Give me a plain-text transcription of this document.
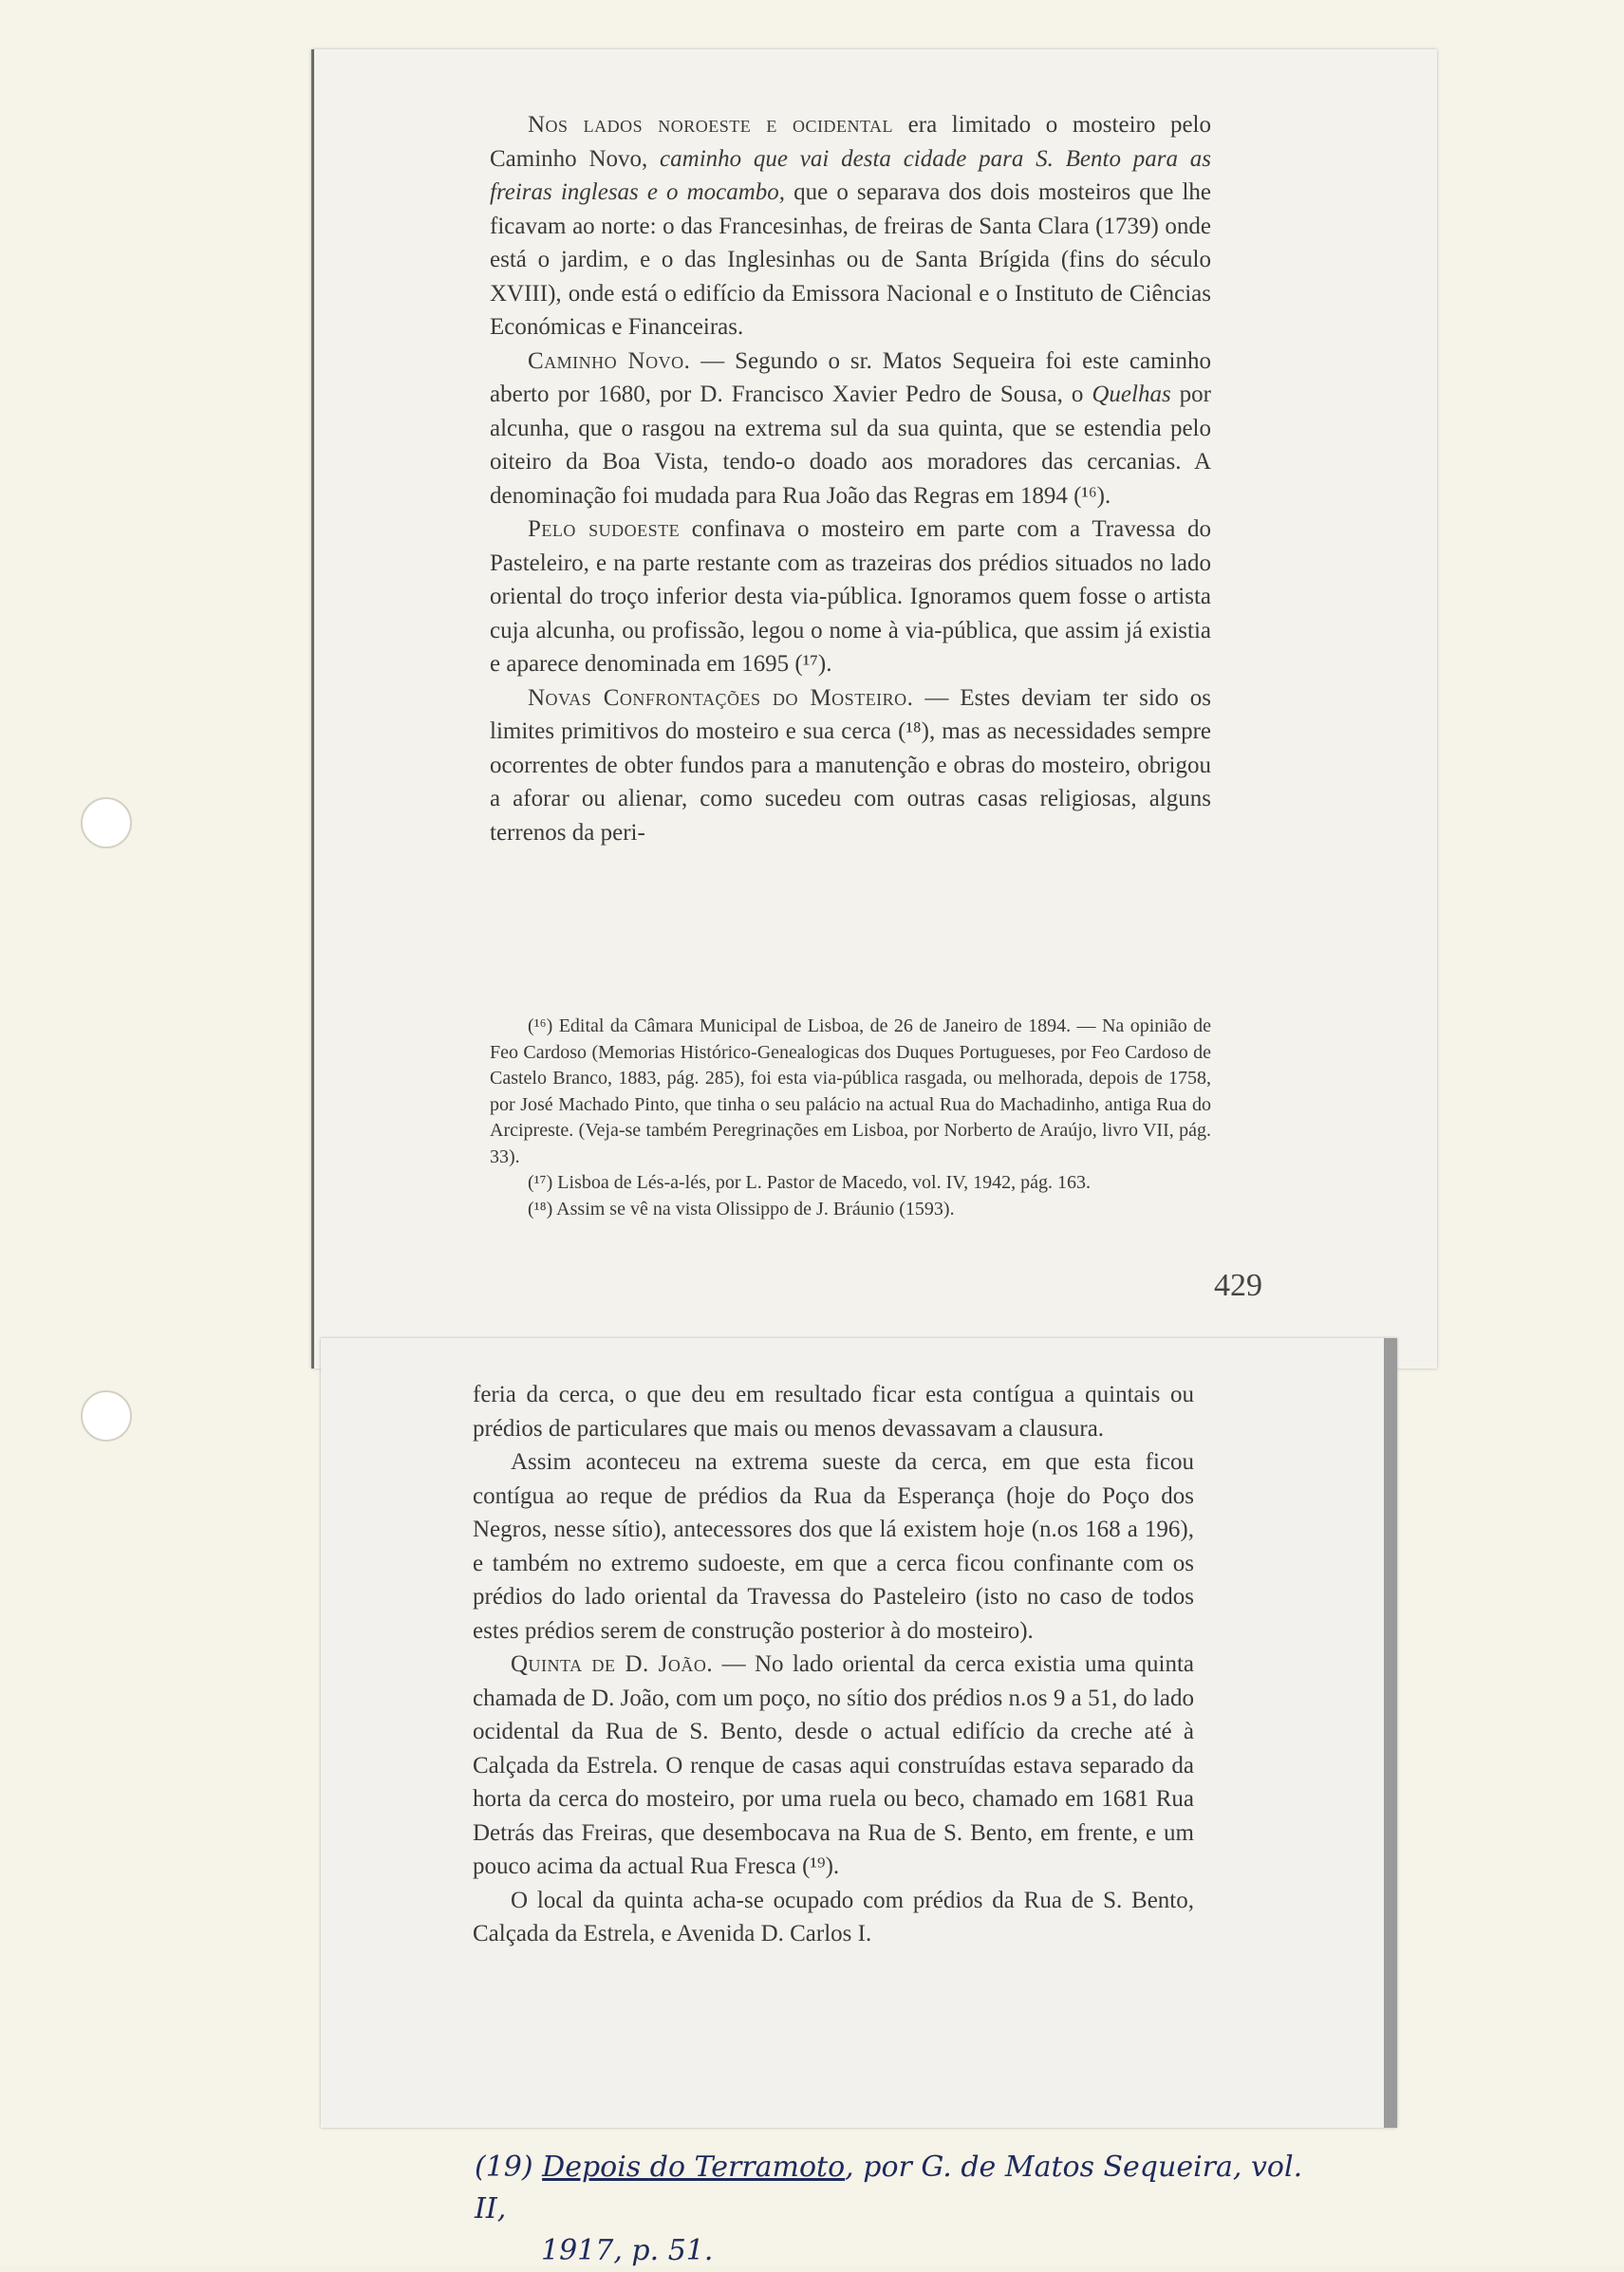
Nos lados noroeste e ocidental era limitado o mosteiro pelo Caminho Novo, caminho que vai desta cidade para S. Bento para as freiras inglesas e o mocambo, que o separava dos dois mosteiros que lhe ficavam ao norte: o das Francesinhas, de freiras de Santa Clara (1739) onde está o jardim, e o das Inglesinhas ou de Santa Brígida (fins do século XVIII), onde está o edifício da Emissora Nacional e o Instituto de Ciências Económicas e Financeiras.

Caminho Novo. — Segundo o sr. Matos Sequeira foi este caminho aberto por 1680, por D. Francisco Xavier Pedro de Sousa, o Quelhas por alcunha, que o rasgou na extrema sul da sua quinta, que se estendia pelo oiteiro da Boa Vista, tendo-o doado aos moradores das cercanias. A denominação foi mudada para Rua João das Regras em 1894 (¹⁶).

Pelo sudoeste confinava o mosteiro em parte com a Travessa do Pasteleiro, e na parte restante com as trazeiras dos prédios situados no lado oriental do troço inferior desta via-pública. Ignoramos quem fosse o artista cuja alcunha, ou profissão, legou o nome à via-pública, que assim já existia e aparece denominada em 1695 (¹⁷).

Novas Confrontações do Mosteiro. — Estes deviam ter sido os limites primitivos do mosteiro e sua cerca (¹⁸), mas as necessidades sempre ocorrentes de obter fundos para a manutenção e obras do mosteiro, obrigou a aforar ou alienar, como sucedeu com outras casas religiosas, alguns terrenos da peri-

(¹⁶) Edital da Câmara Municipal de Lisboa, de 26 de Janeiro de 1894. — Na opinião de Feo Cardoso (Memorias Histórico-Genealogicas dos Duques Portugueses, por Feo Cardoso de Castelo Branco, 1883, pág. 285), foi esta via-pública rasgada, ou melhorada, depois de 1758, por José Machado Pinto, que tinha o seu palácio na actual Rua do Machadinho, antiga Rua do Arcipreste. (Veja-se também Peregrinações em Lisboa, por Norberto de Araújo, livro VII, pág. 33).

(¹⁷) Lisboa de Lés-a-lés, por L. Pastor de Macedo, vol. IV, 1942, pág. 163.

(¹⁸) Assim se vê na vista Olissippo de J. Bráunio (1593).

429

feria da cerca, o que deu em resultado ficar esta contígua a quintais ou prédios de particulares que mais ou menos devassavam a clausura.

Assim aconteceu na extrema sueste da cerca, em que esta ficou contígua ao reque de prédios da Rua da Esperança (hoje do Poço dos Negros, nesse sítio), antecessores dos que lá existem hoje (n.os 168 a 196), e também no extremo sudoeste, em que a cerca ficou confinante com os prédios do lado oriental da Travessa do Pasteleiro (isto no caso de todos estes prédios serem de construção posterior à do mosteiro).

Quinta de D. João. — No lado oriental da cerca existia uma quinta chamada de D. João, com um poço, no sítio dos prédios n.os 9 a 51, do lado ocidental da Rua de S. Bento, desde o actual edifício da creche até à Calçada da Estrela. O renque de casas aqui construídas estava separado da horta da cerca do mosteiro, por uma ruela ou beco, chamado em 1681 Rua Detrás das Freiras, que desembocava na Rua de S. Bento, em frente, e um pouco acima da actual Rua Fresca (¹⁹).

O local da quinta acha-se ocupado com prédios da Rua de S. Bento, Calçada da Estrela, e Avenida D. Carlos I.

(19) Depois do Terramoto, por G. de Matos Sequeira, vol. II,
1917, p. 51.
